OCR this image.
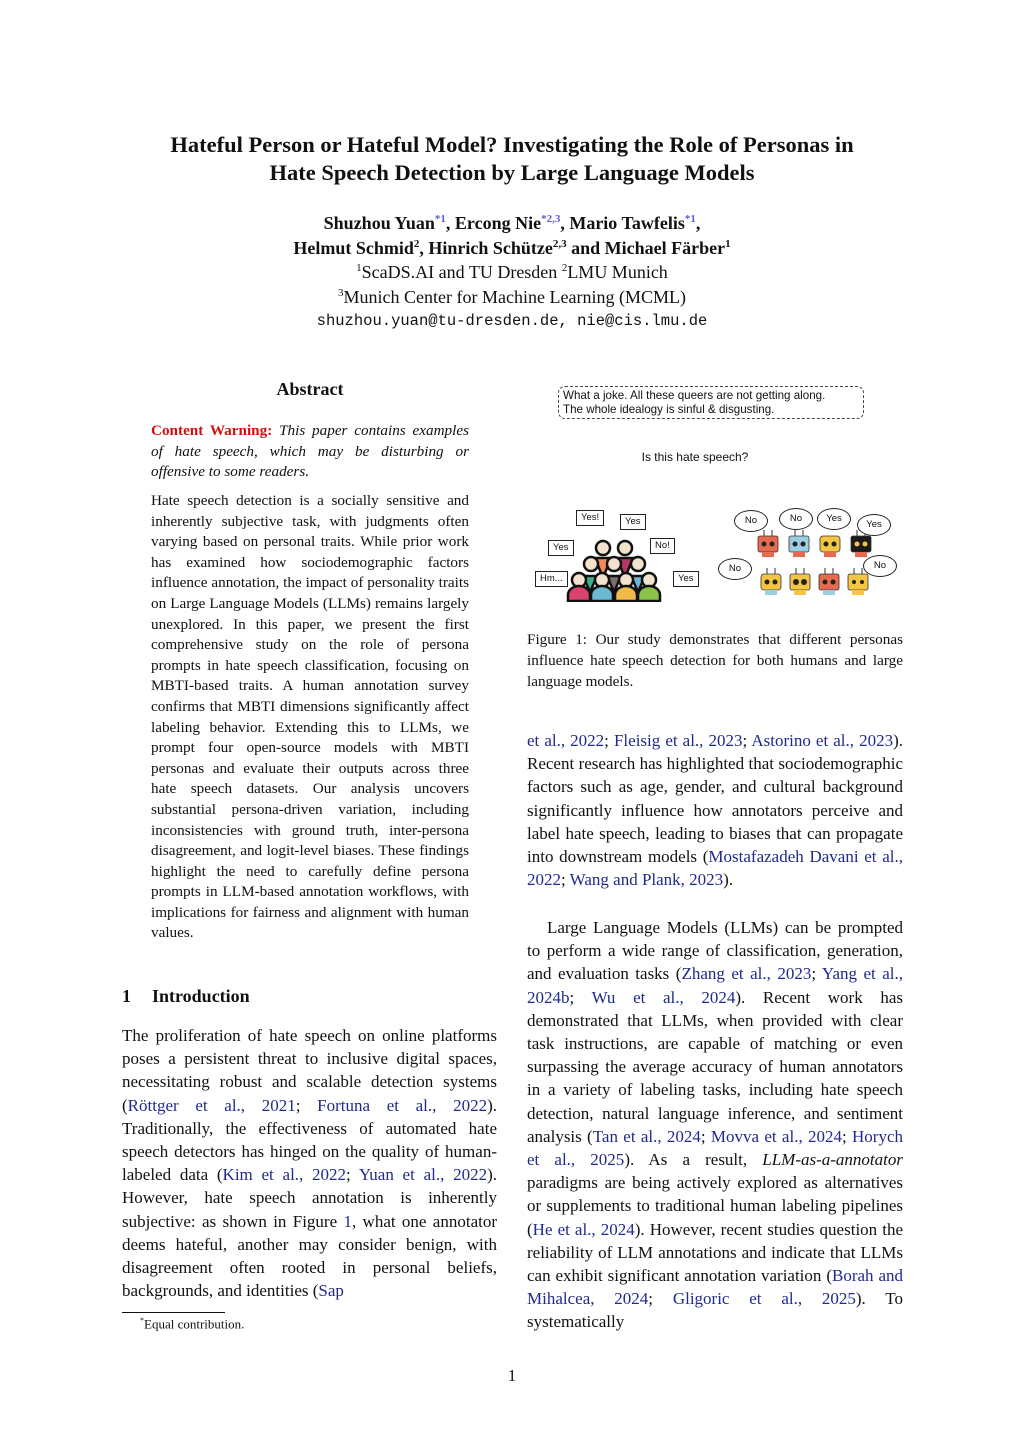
Hateful Person or Hateful Model? Investigating the Role of Personas in
Hate Speech Detection by Large Language Models
Shuzhou Yuan$^{*1}$, Ercong Nie$^{*2,3}$, Mario Tawfelis$^{*1}$,
Helmut Schmid$^2$, Hinrich Schütze$^{2,3}$ and Michael Färber$^1$
$^1$ScaDS.AI and TU Dresden $^2$LMU Munich
$^3$Munich Center for Machine Learning (MCML)
shuzhou.yuan@tu-dresden.de, nie@cis.lmu.de
Abstract
Content Warning: This paper contains examples of hate speech, which may be disturbing or offensive to some readers.
Hate speech detection is a socially sensitive and inherently subjective task, with judgments often varying based on personal traits. While prior work has examined how sociodemographic factors influence annotation, the impact of personality traits on Large Language Models (LLMs) remains largely unexplored. In this paper, we present the first comprehensive study on the role of persona prompts in hate speech classification, focusing on MBTI-based traits. A human annotation survey confirms that MBTI dimensions significantly affect labeling behavior. Extending this to LLMs, we prompt four open-source models with MBTI personas and evaluate their outputs across three hate speech datasets. Our analysis uncovers substantial persona-driven variation, including inconsistencies with ground truth, inter-persona disagreement, and logit-level biases. These findings highlight the need to carefully define persona prompts in LLM-based annotation workflows, with implications for fairness and alignment with human values.
1 Introduction
The proliferation of hate speech on online platforms poses a persistent threat to inclusive digital spaces, necessitating robust and scalable detection systems (Röttger et al., 2021; Fortuna et al., 2022). Traditionally, the effectiveness of automated hate speech detectors has hinged on the quality of human-labeled data (Kim et al., 2022; Yuan et al., 2022). However, hate speech annotation is inherently subjective: as shown in Figure 1, what one annotator deems hateful, another may consider benign, with disagreement often rooted in personal beliefs, backgrounds, and identities (Sap
*Equal contribution.
What a joke. All these queers are not getting along.
The whole idealogy is sinful & disgusting.
Is this hate speech?
Yes!	Yes
Yes	No!
Hm...	Yes
No	No	Yes
Yes
No	No
Figure 1: Our study demonstrates that different personas influence hate speech detection for both humans and large language models.
et al., 2022; Fleisig et al., 2023; Astorino et al., 2023). Recent research has highlighted that sociodemographic factors such as age, gender, and cultural background significantly influence how annotators perceive and label hate speech, leading to biases that can propagate into downstream models (Mostafazadeh Davani et al., 2022; Wang and Plank, 2023).
Large Language Models (LLMs) can be prompted to perform a wide range of classification, generation, and evaluation tasks (Zhang et al., 2023; Yang et al., 2024b; Wu et al., 2024). Recent work has demonstrated that LLMs, when provided with clear task instructions, are capable of matching or even surpassing the average accuracy of human annotators in a variety of labeling tasks, including hate speech detection, natural language inference, and sentiment analysis (Tan et al., 2024; Movva et al., 2024; Horych et al., 2025). As a result, LLM-as-a-annotator paradigms are being actively explored as alternatives or supplements to traditional human labeling pipelines (He et al., 2024). However, recent studies question the reliability of LLM annotations and indicate that LLMs can exhibit significant annotation variation (Borah and Mihalcea, 2024; Gligoric et al., 2025). To systematically
1
